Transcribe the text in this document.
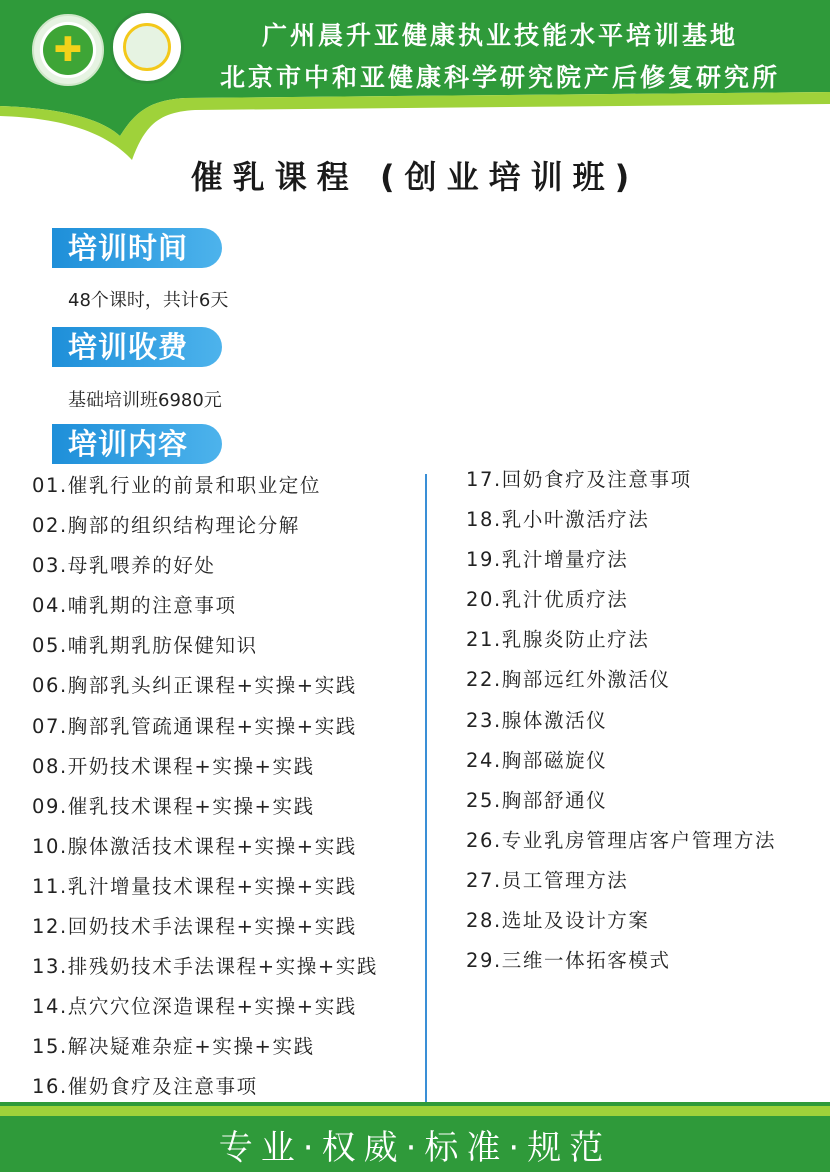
✚	广州晨升亚健康执业技能水平培训基地
北京市中和亚健康科学研究院产后修复研究所
催乳课程 (创业培训班)
培训时间
48个课时，共计6天
培训收费
基础培训班6980元
培训内容
01.催乳行业的前景和职业定位
02.胸部的组织结构理论分解
03.母乳喂养的好处
04.哺乳期的注意事项
05.哺乳期乳肪保健知识
06.胸部乳头纠正课程+实操+实践
07.胸部乳管疏通课程+实操+实践
08.开奶技术课程+实操+实践
09.催乳技术课程+实操+实践
10.腺体激活技术课程+实操+实践
11.乳汁增量技术课程+实操+实践
12.回奶技术手法课程+实操+实践
13.排残奶技术手法课程+实操+实践
14.点穴穴位深造课程+实操+实践
15.解决疑难杂症+实操+实践
16.催奶食疗及注意事项
17.回奶食疗及注意事项
18.乳小叶激活疗法
19.乳汁增量疗法
20.乳汁优质疗法
21.乳腺炎防止疗法
22.胸部远红外激活仪
23.腺体激活仪
24.胸部磁旋仪
25.胸部舒通仪
26.专业乳房管理店客户管理方法
27.员工管理方法
28.选址及设计方案
29.三维一体拓客模式
专业·权威·标准·规范
